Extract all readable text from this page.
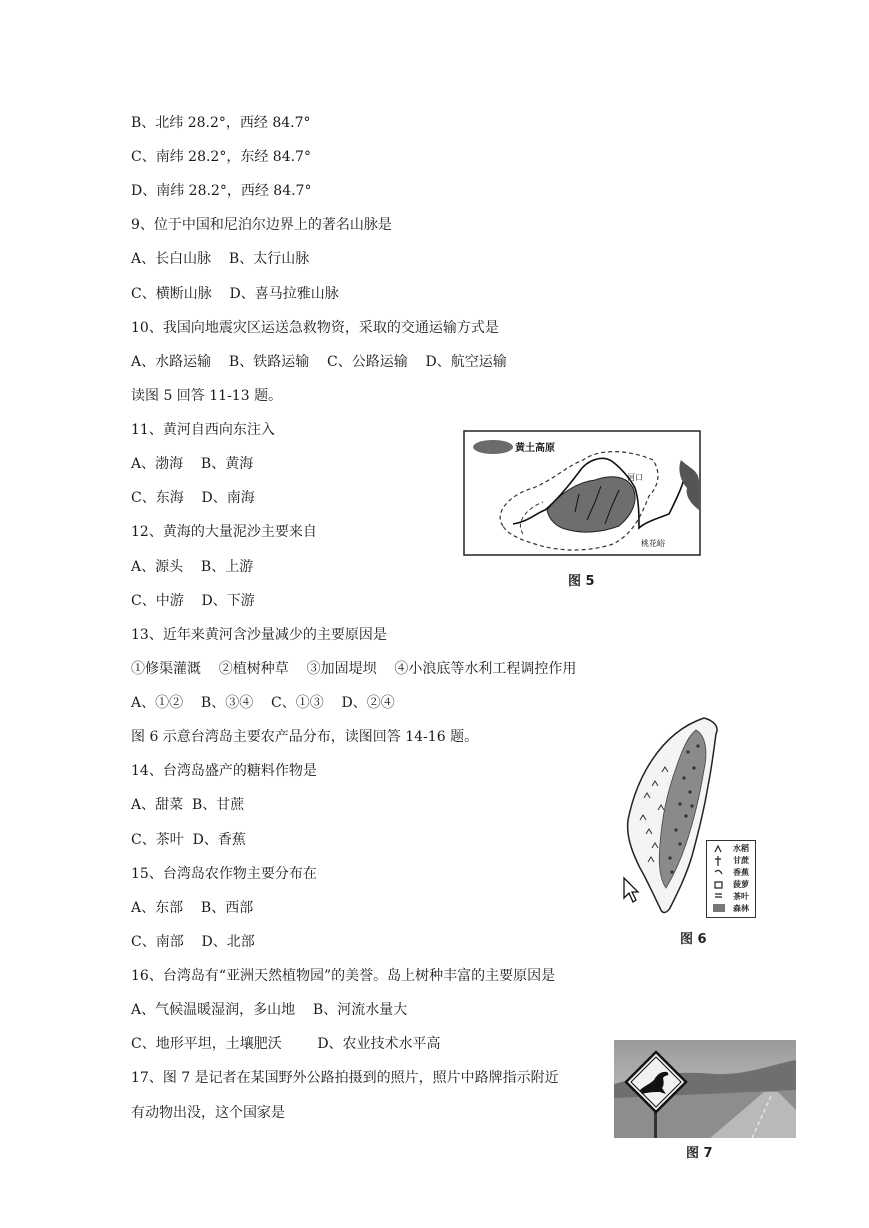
B、北纬 28.2°，西经 84.7°
C、南纬 28.2°，东经 84.7°
D、南纬 28.2°，西经 84.7°
9、位于中国和尼泊尔边界上的著名山脉是
A、长白山脉    B、太行山脉
C、横断山脉    D、喜马拉雅山脉
10、我国向地震灾区运送急救物资，采取的交通运输方式是
A、水路运输    B、铁路运输    C、公路运输    D、航空运输
读图 5 回答 11-13 题。
11、黄河自西向东注入
A、渤海    B、黄海
C、东海    D、南海
12、黄海的大量泥沙主要来自
A、源头    B、上游
C、中游    D、下游
13、近年来黄河含沙量减少的主要原因是
①修渠灌溉    ②植树种草    ③加固堤坝    ④小浪底等水利工程调控作用
A、①②    B、③④    C、①③    D、②④
图 6 示意台湾岛主要农产品分布，读图回答 14-16 题。
14、台湾岛盛产的糖料作物是
A、甜菜  B、甘蔗
C、茶叶  D、香蕉
15、台湾岛农作物主要分布在
A、东部    B、西部
C、南部    D、北部
16、台湾岛有“亚洲天然植物园”的美誉。岛上树种丰富的主要原因是
A、气候温暖湿润，多山地    B、河流水量大
C、地形平坦，土壤肥沃        D、农业技术水平高
17、图 7 是记者在某国野外公路拍摄到的照片，照片中路牌指示附近
有动物出没，这个国家是
黄土高原
河口
桃花峪
图 5
水稻
甘蔗
香蕉
菠萝
茶叶
森林
图 6
图 7
